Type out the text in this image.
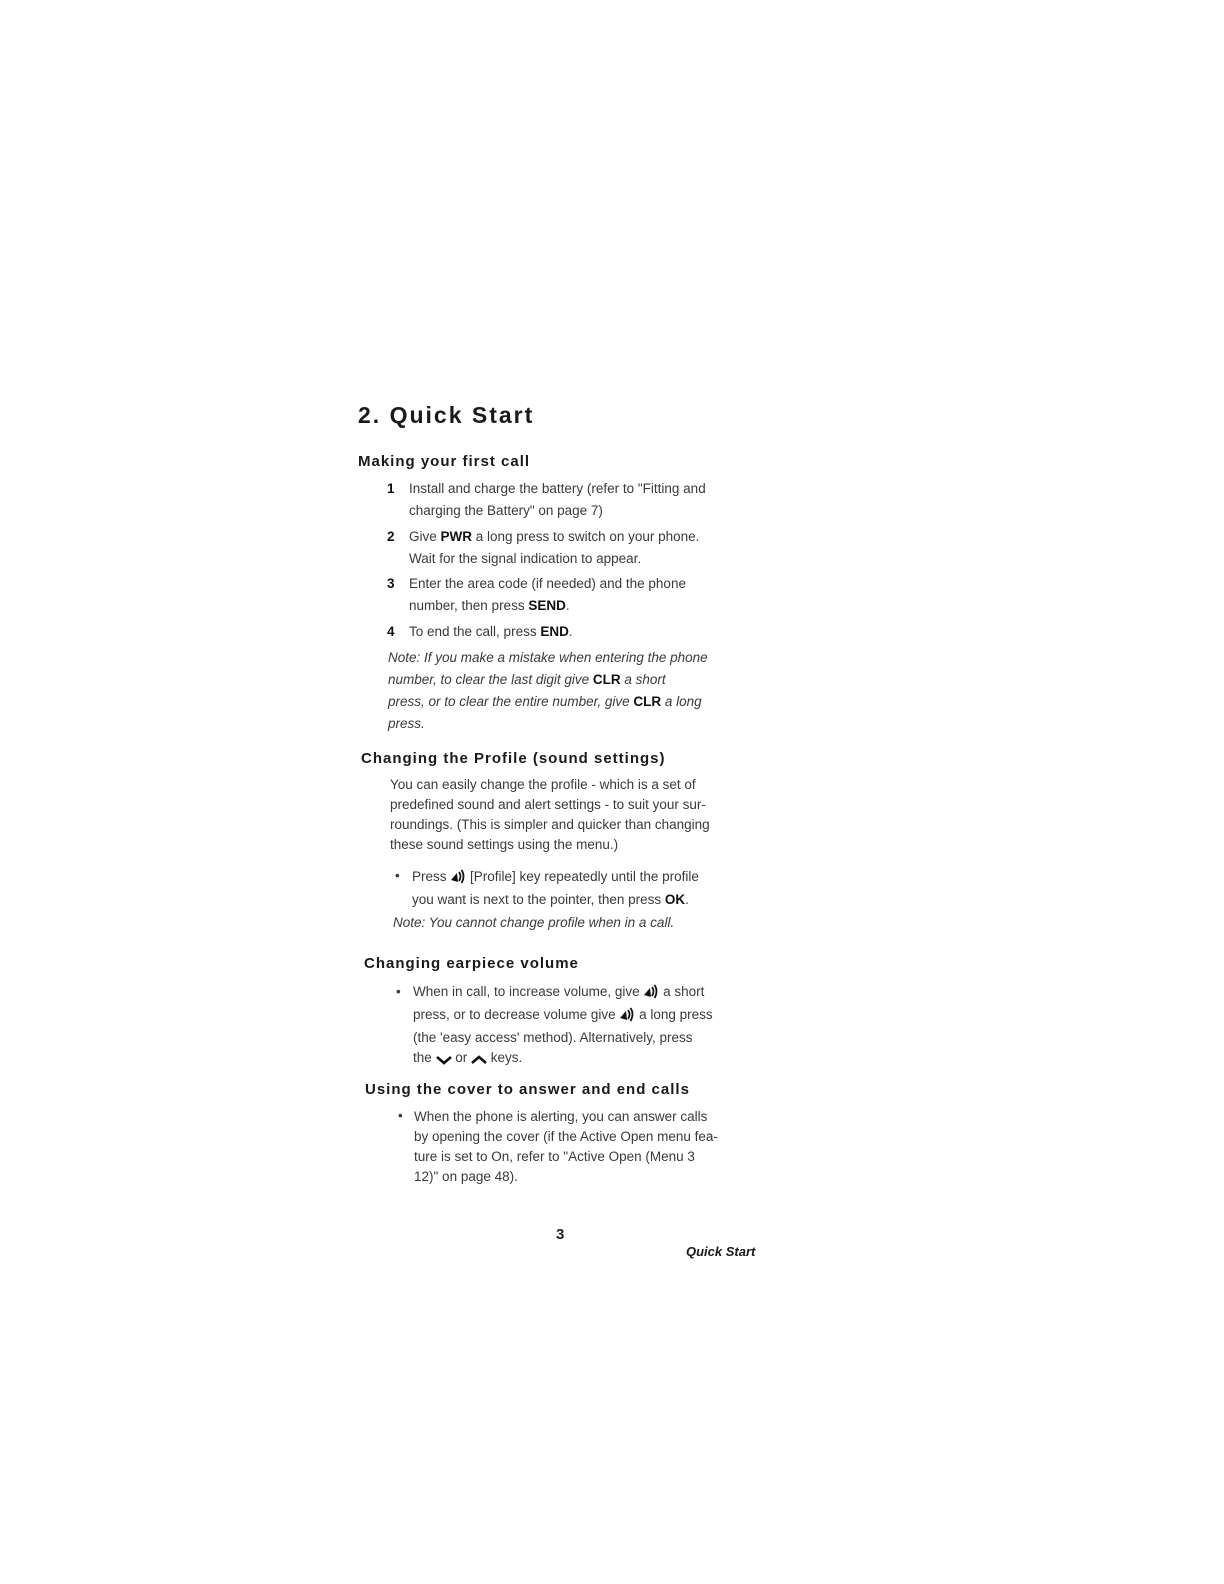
2. Quick Start
Making your first call
1 Install and charge the battery (refer to "Fitting and
charging the Battery" on page 7)
2 Give PWR a long press to switch on your phone.
Wait for the signal indication to appear.
3 Enter the area code (if needed) and the phone
number, then press SEND.
4 To end the call, press END.
Note: If you make a mistake when entering the phone
number, to clear the last digit give CLR a short
press, or to clear the entire number, give CLR a long
press.
Changing the Profile (sound settings)
You can easily change the profile - which is a set of
predefined sound and alert settings - to suit your sur-
roundings. (This is simpler and quicker than changing
these sound settings using the menu.)
• Press  [Profile] key repeatedly until the profile
you want is next to the pointer, then press OK.
Note: You cannot change profile when in a call.
Changing earpiece volume
• When in call, to increase volume, give  a short
press, or to decrease volume give  a long press
(the 'easy access' method). Alternatively, press
the  or  keys.
Using the cover to answer and end calls
• When the phone is alerting, you can answer calls
by opening the cover (if the Active Open menu fea-
ture is set to On, refer to "Active Open (Menu 3
12)" on page 48).
3
Quick Start
